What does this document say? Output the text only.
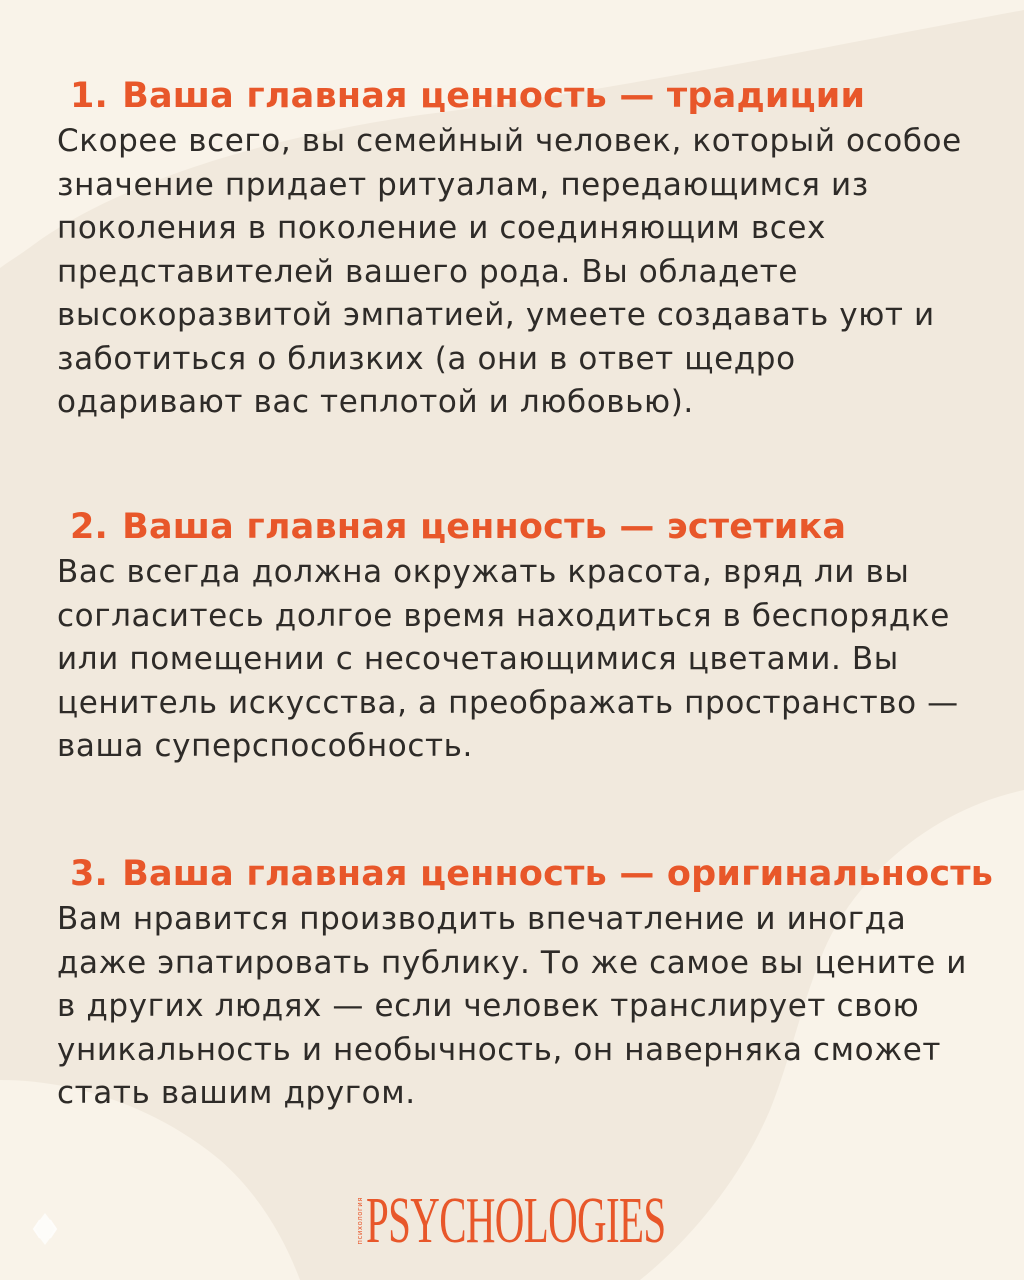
1. Ваша главная ценность — традиции

Скорее всего, вы семейный человек, который особое
значение придает ритуалам, передающимся из
поколения в поколение и соединяющим всех
представителей вашего рода. Вы обладете
высокоразвитой эмпатией, умеете создавать уют и
заботиться о близких (а они в ответ щедро
одаривают вас теплотой и любовью).

2. Ваша главная ценность — эстетика

Вас всегда должна окружать красота, вряд ли вы
согласитесь долгое время находиться в беспорядке
или помещении с несочетающимися цветами. Вы
ценитель искусства, а преображать пространство —
ваша суперспособность.

3. Ваша главная ценность — оригинальность

Вам нравится производить впечатление и иногда
даже эпатировать публику. То же самое вы цените и
в других людях — если человек транслирует свою
уникальность и необычность, он наверняка сможет
стать вашим другом.

психология PSYCHOLOGIES
